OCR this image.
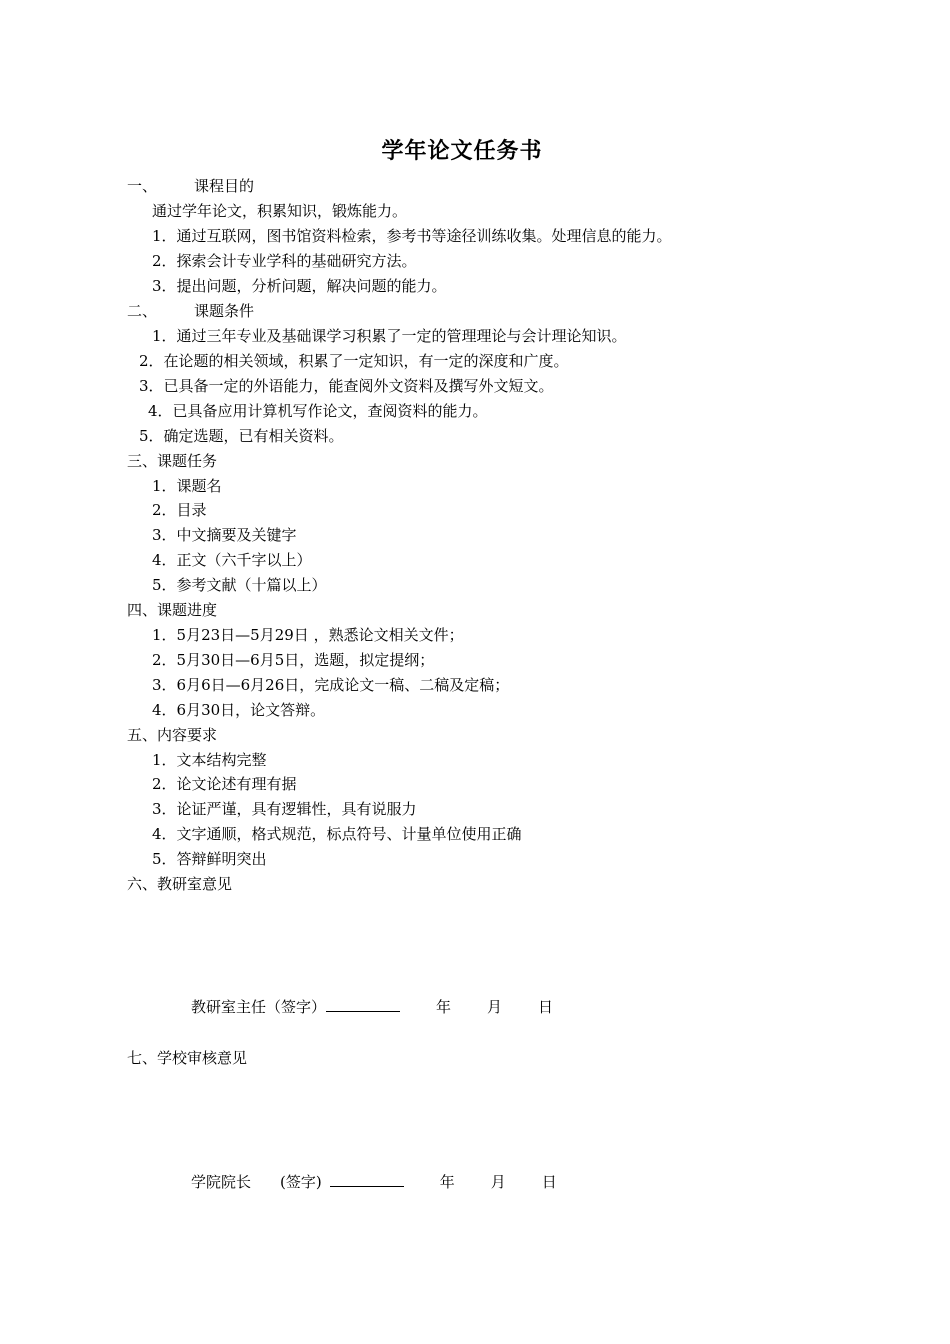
学年论文任务书
一、 课程目的
通过学年论文，积累知识，锻炼能力。
1．通过互联网，图书馆资料检索，参考书等途径训练收集。处理信息的能力。
2．探索会计专业学科的基础研究方法。
3．提出问题，分析问题，解决问题的能力。
二、 课题条件
1．通过三年专业及基础课学习积累了一定的管理理论与会计理论知识。
2．在论题的相关领域，积累了一定知识，有一定的深度和广度。
3．已具备一定的外语能力，能查阅外文资料及撰写外文短文。
4．已具备应用计算机写作论文，查阅资料的能力。
5．确定选题，已有相关资料。
三、课题任务
1．课题名
2．目录
3．中文摘要及关键字
4．正文（六千字以上）
5．参考文献（十篇以上）
四、课题进度
1．5月23日—5月29日 ，熟悉论文相关文件；
2．5月30日—6月5日，选题，拟定提纲；
3．6月6日—6月26日，完成论文一稿、二稿及定稿；
4．6月30日，论文答辩。
五、内容要求
1．文本结构完整
2．论文论述有理有据
3．论证严谨，具有逻辑性，具有说服力
4．文字通顺，格式规范，标点符号、计量单位使用正确
5．答辩鲜明突出
六、教研室意见
教研室主任（签字）	年 月 日
七、学校审核意见
学院院长 (签字)	年 月 日
